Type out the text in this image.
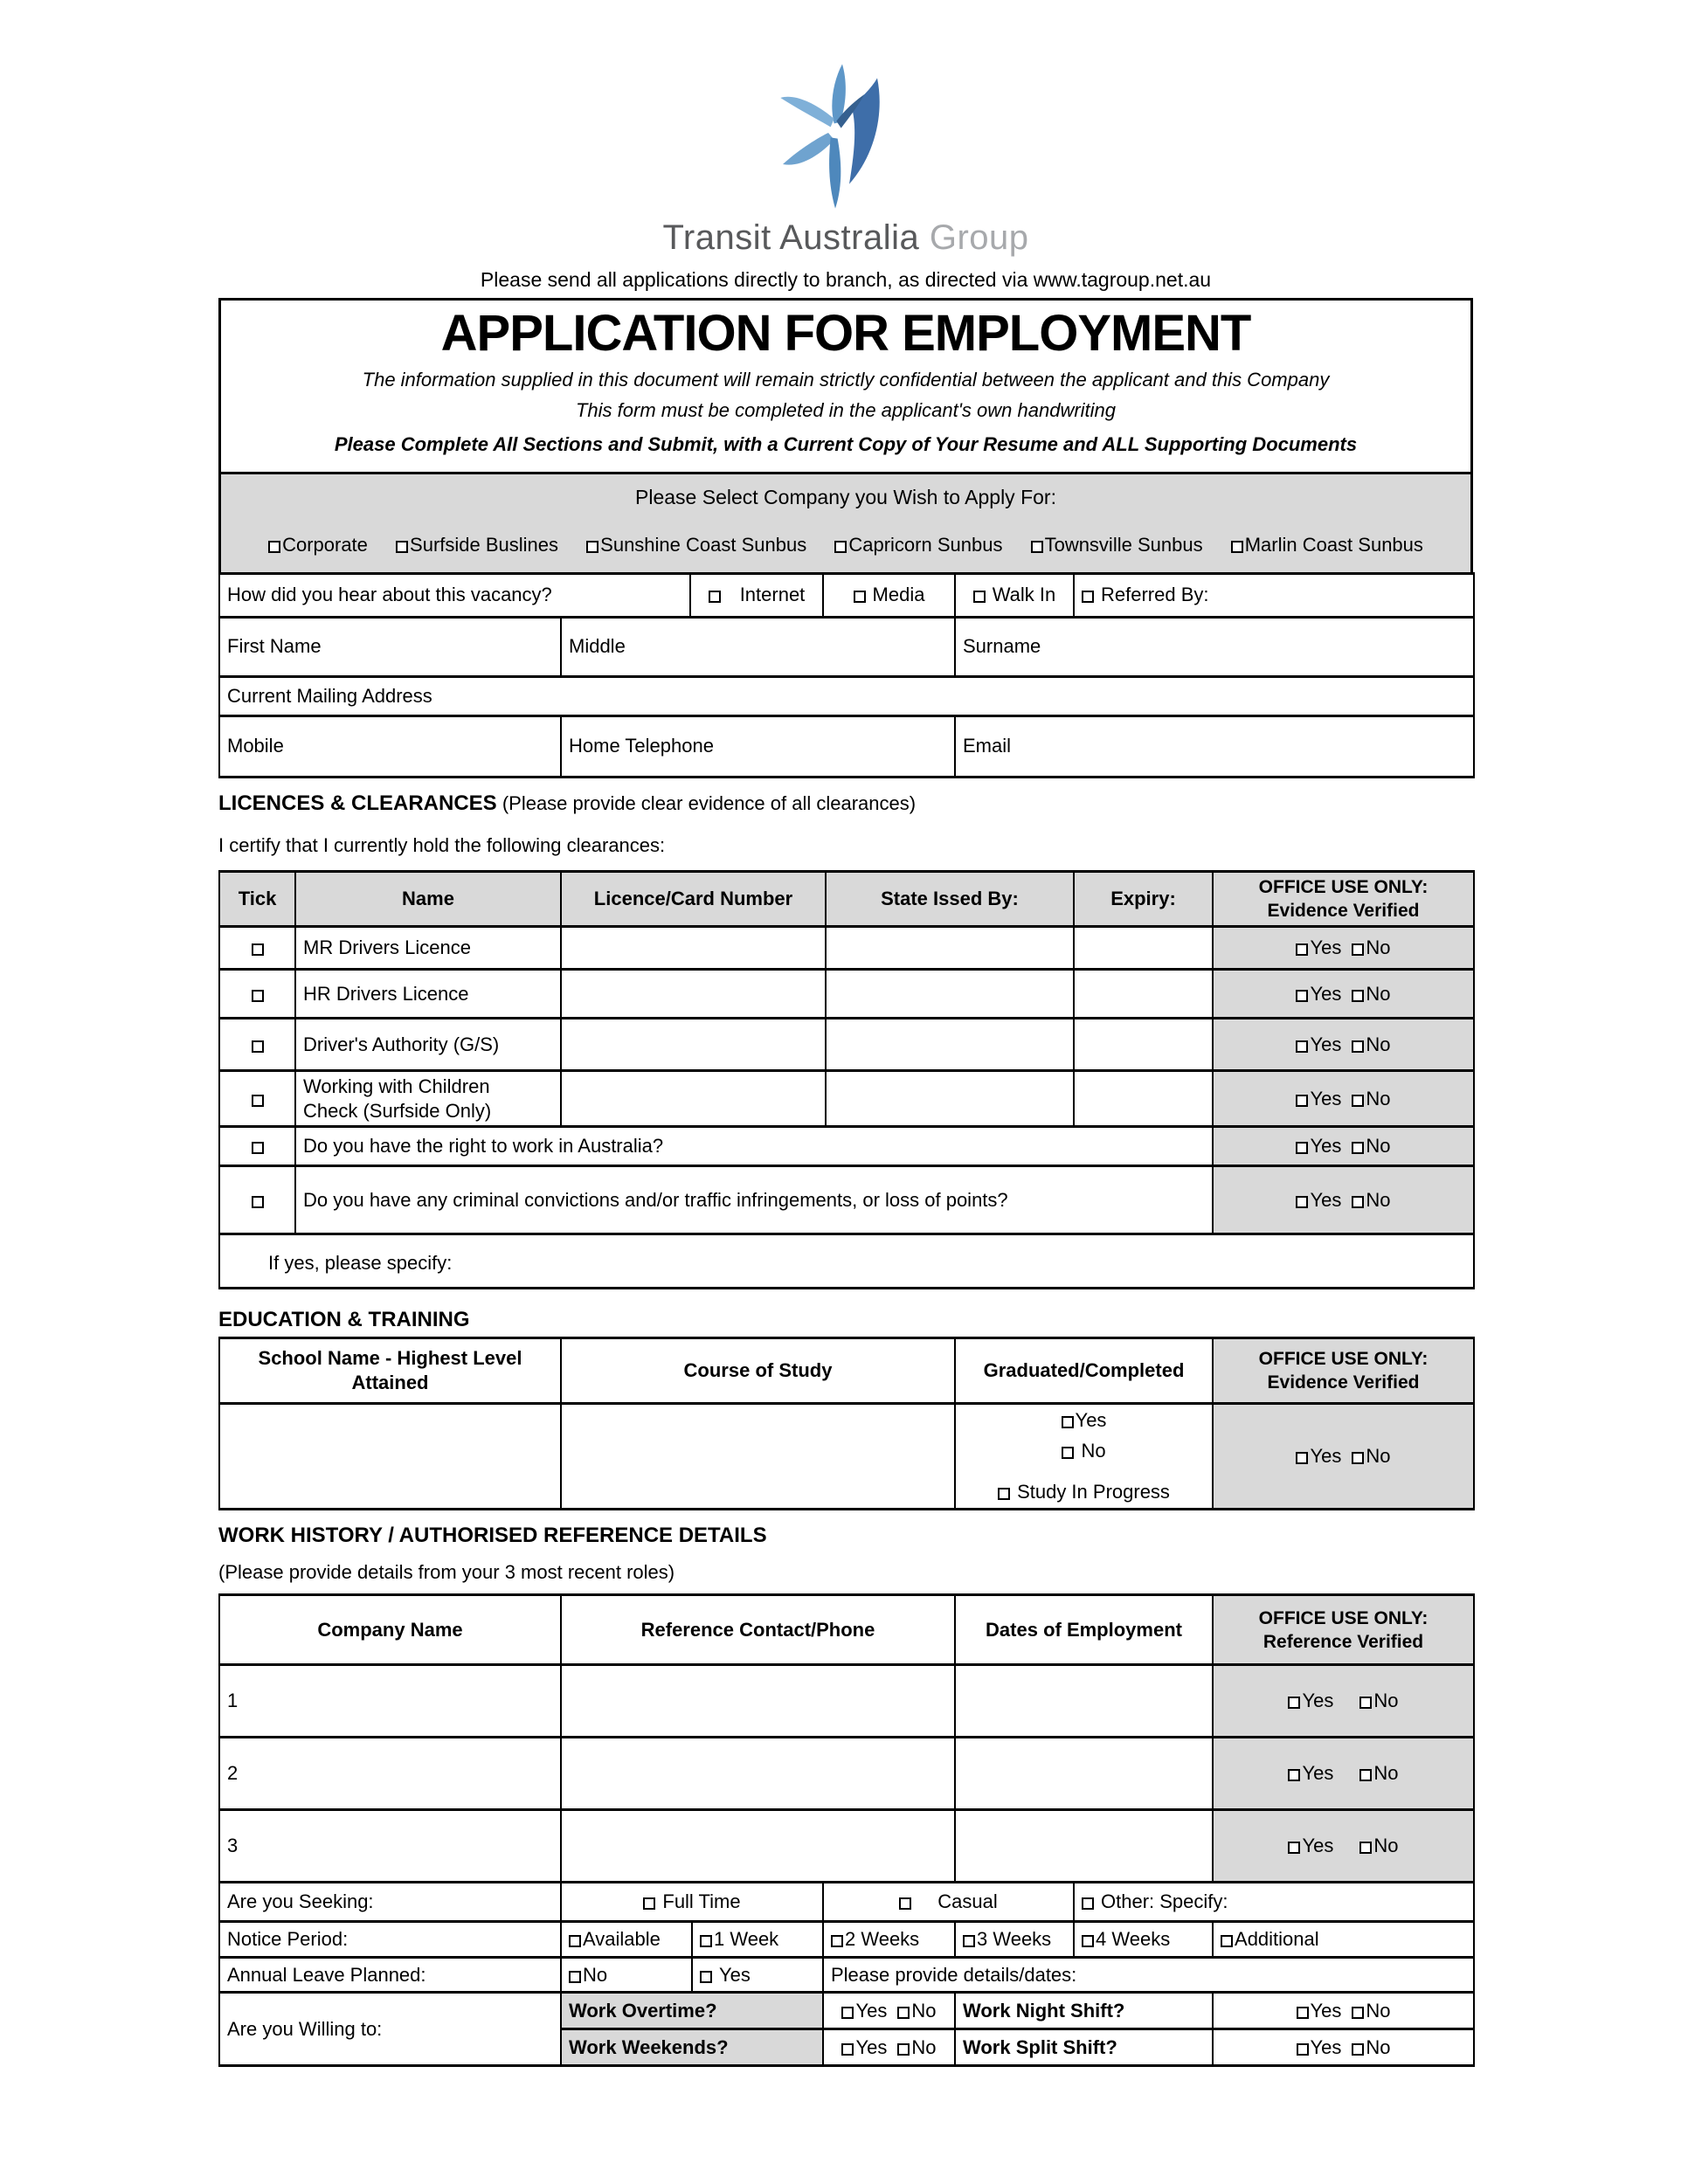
Transit Australia Group
Please send all applications directly to branch, as directed via www.tagroup.net.au
APPLICATION FOR EMPLOYMENT
The information supplied in this document will remain strictly confidential between the applicant and this Company
This form must be completed in the applicant's own handwriting
Please Complete All Sections and Submit, with a Current Copy of Your Resume and ALL Supporting Documents
Please Select Company you Wish to Apply For:
Corporate Surfside Buslines Sunshine Coast Sunbus Capricorn Sunbus Townsville Sunbus Marlin Coast Sunbus
How did you hear about this vacancy?		Internet	Media	Walk In	Referred By:
First Name	Middle			Surname	
Current Mailing Address					
Mobile	Home Telephone			Email	
LICENCES & CLEARANCES (Please provide clear evidence of all clearances)
I certify that I currently hold the following clearances:
Tick	Name	Licence/Card Number	State Issed By:	Expiry:	OFFICE USE ONLY:
Evidence Verified

	MR Drivers Licence				Yes No
	HR Drivers Licence				Yes No
	Driver's Authority (G/S)				Yes No
	Working with Children Check (Surfside Only)				Yes No
	Do you have the right to work in Australia?				Yes No
	Do you have any criminal convictions and/or traffic infringements, or loss of points?				Yes No
If yes, please specify:					
EDUCATION & TRAINING
School Name - Highest Level Attained	Course of Study	Graduated/Completed	OFFICE USE ONLY:
Evidence Verified

		Yes
No
Study In Progress	Yes No
WORK HISTORY / AUTHORISED REFERENCE DETAILS
(Please provide details from your 3 most recent roles)
Company Name	Reference Contact/Phone	Dates of Employment	OFFICE USE ONLY:
Reference Verified

1			Yes No
2			Yes No
3			Yes No
Are you Seeking:	Full Time		Casual		Other: Specify:	
Notice Period:	Available	1 Week	2 Weeks	3 Weeks	4 Weeks	Additional
Annual Leave Planned:	No	Yes	Please provide details/dates:			
Are you Willing to:	Work Overtime?		Yes No	Work Night Shift?		Yes No
	Work Weekends?		Yes No	Work Split Shift?		Yes No
